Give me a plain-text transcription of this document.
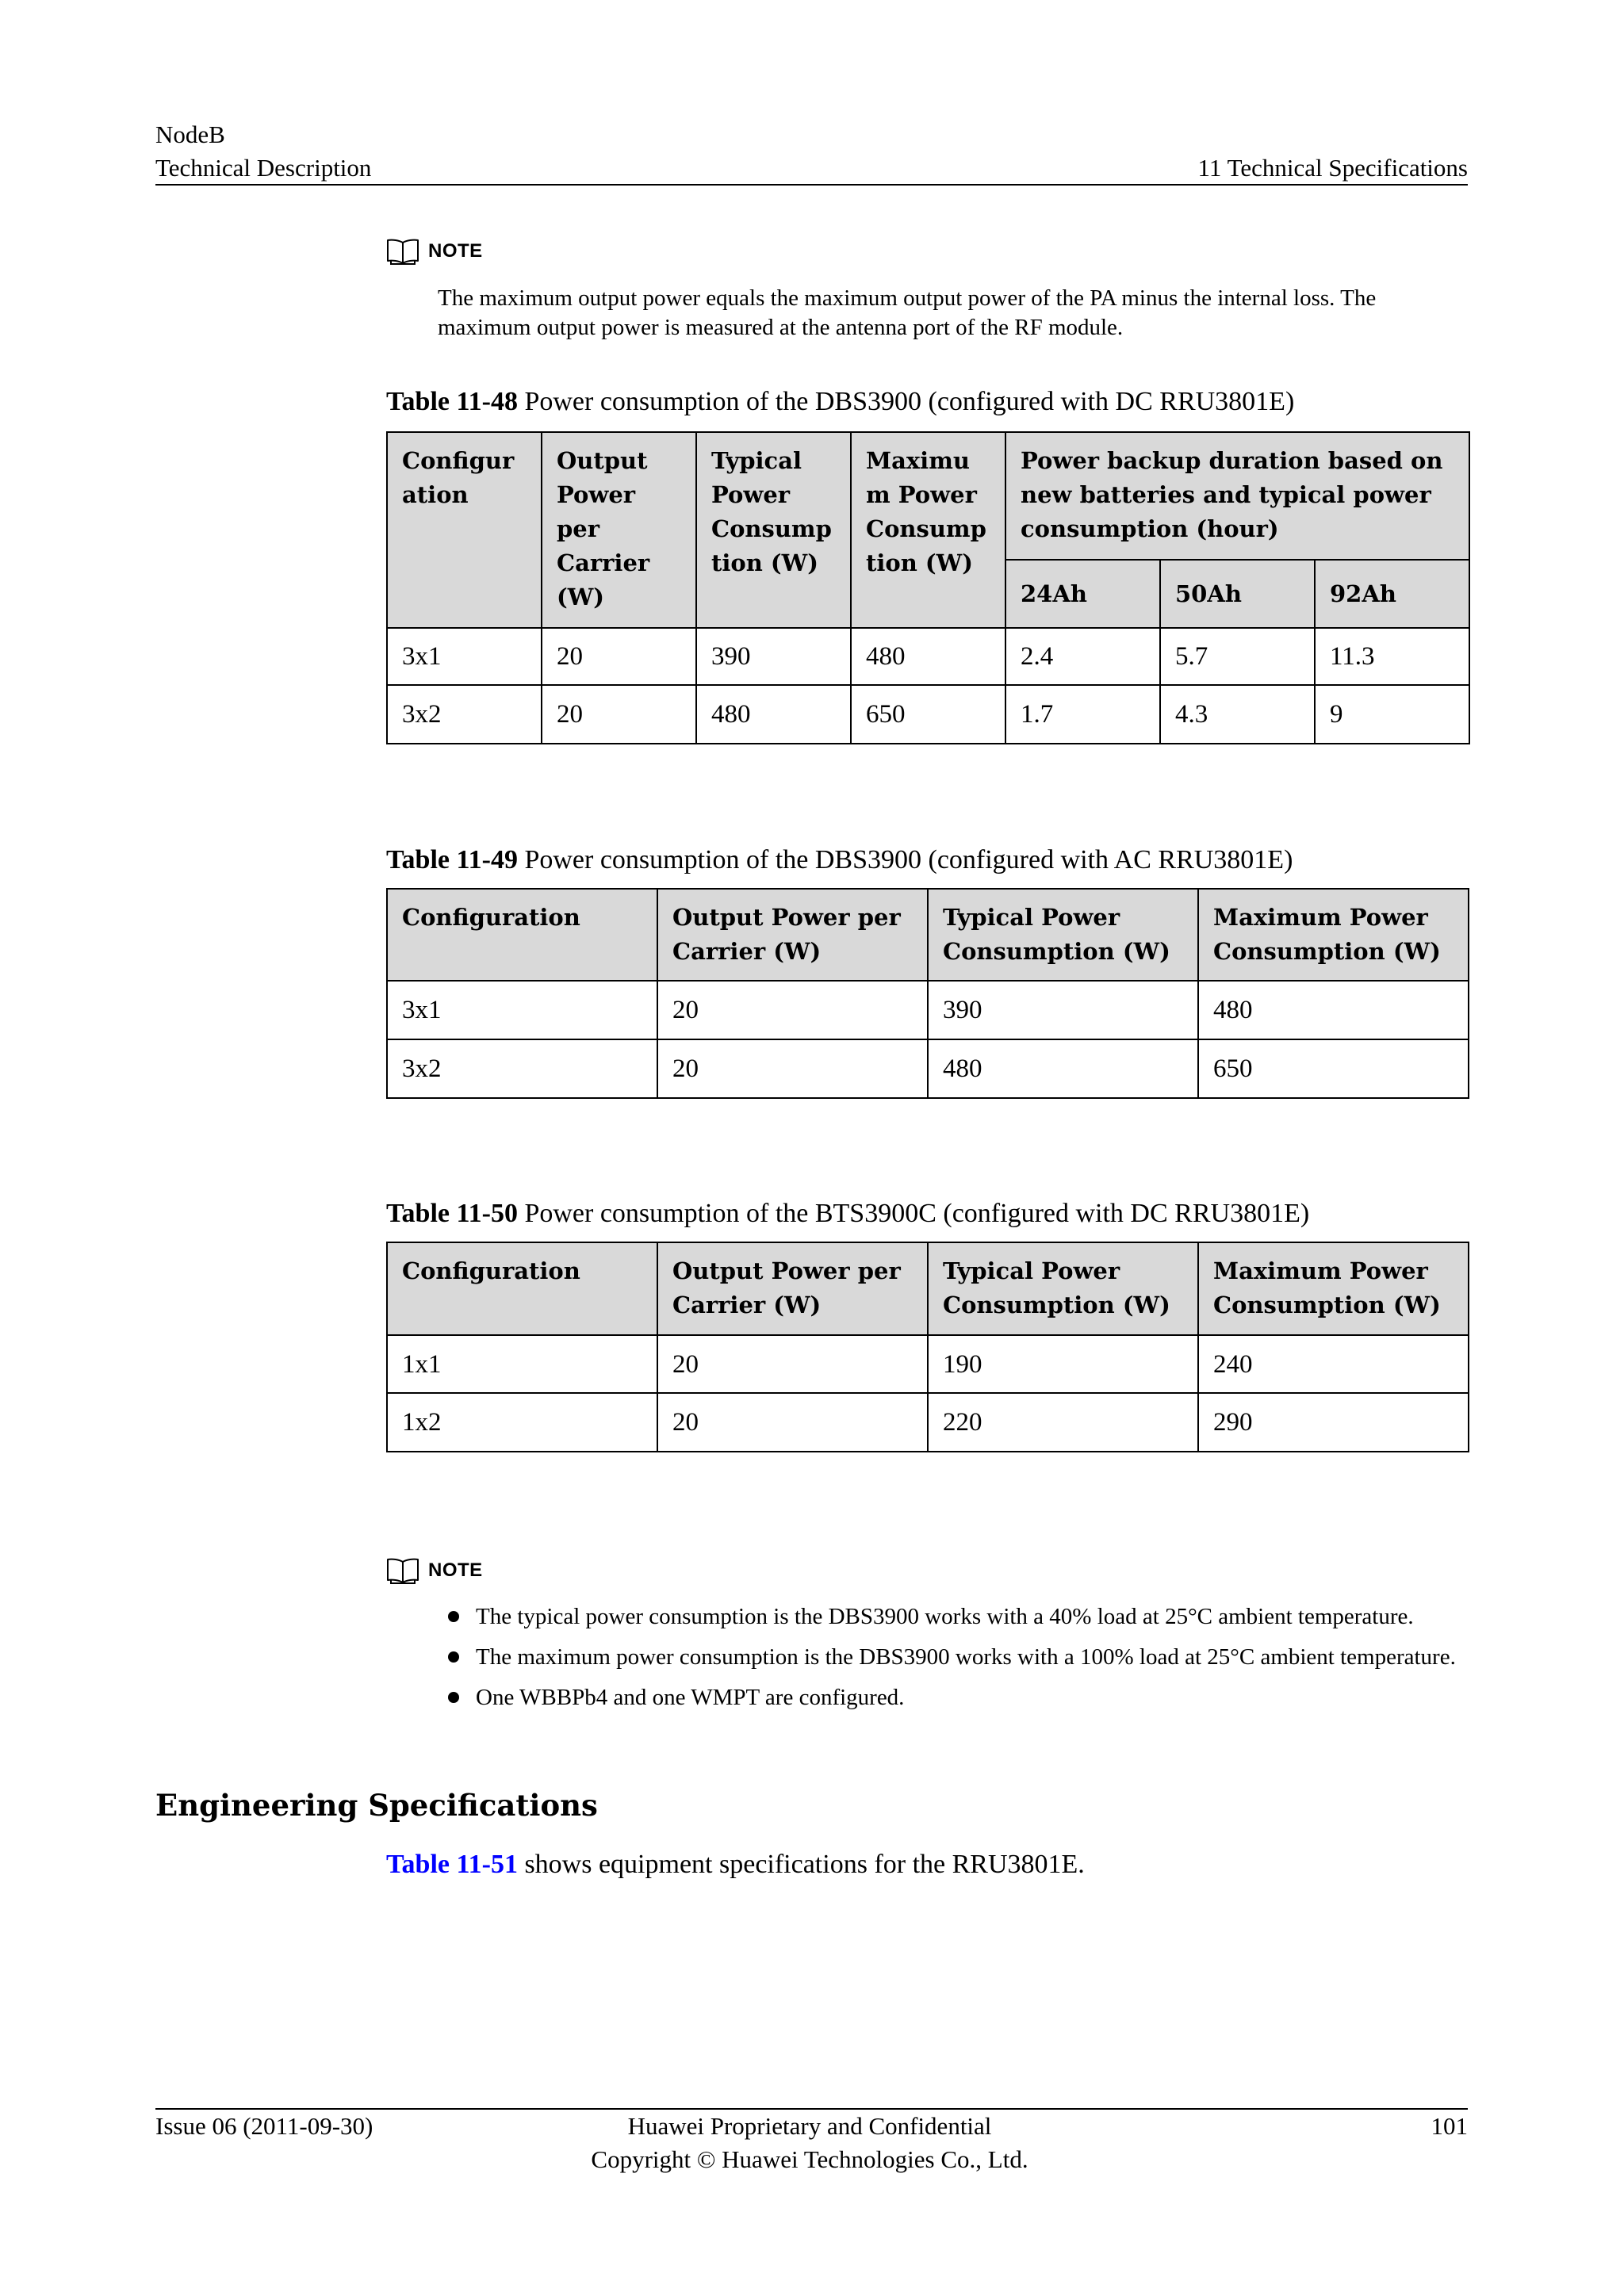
NodeB
Technical Description	11 Technical Specifications
NOTE
The maximum output power equals the maximum output power of the PA minus the internal loss. The maximum output power is measured at the antenna port of the RF module.
Table 11-48 Power consumption of the DBS3900 (configured with DC RRU3801E)
Configuration	Output Power per Carrier (W)	Typical Power Consumption (W)	Maximum Power Consumption (W)	Power backup duration based on new batteries and typical power consumption (hour)		
				24Ah	50Ah	92Ah
3x1	20	390	480	2.4	5.7	11.3
3x2	20	480	650	1.7	4.3	9
Table 11-49 Power consumption of the DBS3900 (configured with AC RRU3801E)
Configuration	Output Power per Carrier (W)	Typical Power Consumption (W)	Maximum Power Consumption (W)
3x1	20	390	480
3x2	20	480	650
Table 11-50 Power consumption of the BTS3900C (configured with DC RRU3801E)
Configuration	Output Power per Carrier (W)	Typical Power Consumption (W)	Maximum Power Consumption (W)
1x1	20	190	240
1x2	20	220	290
NOTE
The typical power consumption is the DBS3900 works with a 40% load at 25°C ambient temperature.
The maximum power consumption is the DBS3900 works with a 100% load at 25°C ambient temperature.
One WBBPb4 and one WMPT are configured.
Engineering Specifications
Table 11-51 shows equipment specifications for the RRU3801E.
Issue 06 (2011-09-30)	Huawei Proprietary and Confidential
Copyright © Huawei Technologies Co., Ltd.
101
